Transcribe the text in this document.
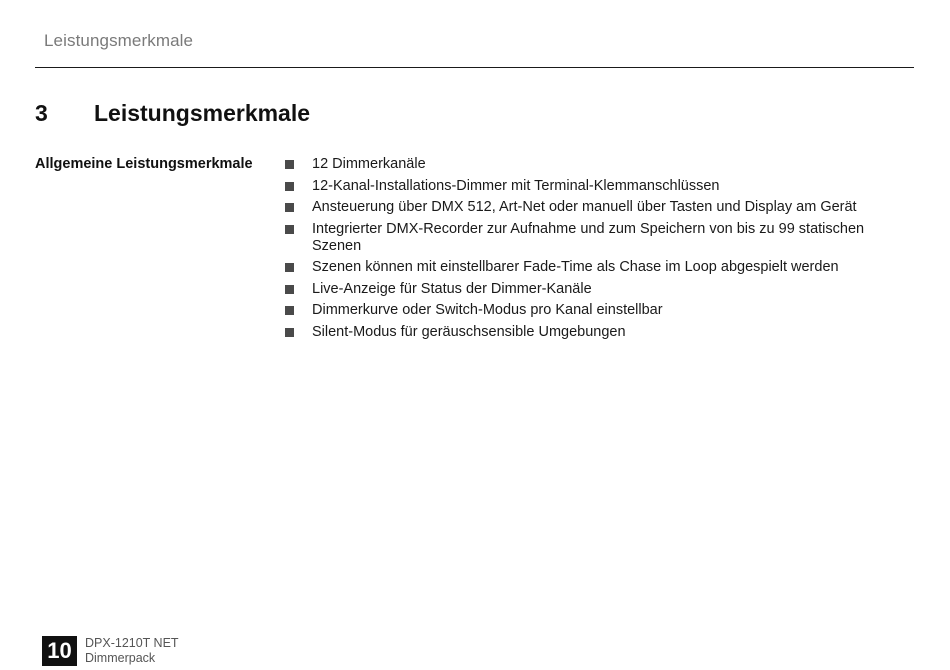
Leistungsmerkmale
3 Leistungsmerkmale
Allgemeine Leistungsmerkmale	12 Dimmerkanäle
12-Kanal-Installations-Dimmer mit Terminal-Klemmanschlüssen
Ansteuerung über DMX 512, Art-Net oder manuell über Tasten und Display am Gerät
Integrierter DMX-Recorder zur Aufnahme und zum Speichern von bis zu 99 statischen Szenen
Szenen können mit einstellbarer Fade-Time als Chase im Loop abgespielt werden
Live-Anzeige für Status der Dimmer-Kanäle
Dimmerkurve oder Switch-Modus pro Kanal einstellbar
Silent-Modus für geräuschsensible Umgebungen
10	DPX-1210T NET
Dimmerpack
